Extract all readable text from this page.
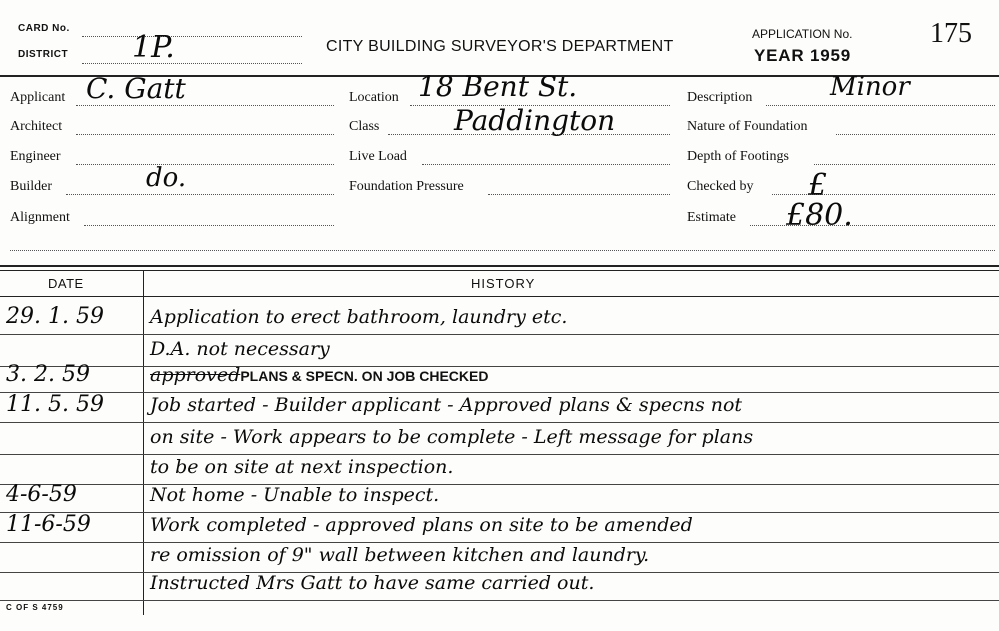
CARD No.
DISTRICT 1P.	CITY BUILDING SURVEYOR'S DEPARTMENT
APPLICATION No.	175
YEAR 1959
Applicant C. Gatt
Architect
Engineer
Builder	do.
Alignment
Location 18 Bent St.
Class	Paddington
Live Load
Foundation Pressure
Description	Minor
Nature of Foundation
Depth of Footings
Checked by £
Estimate £80.
DATE	HISTORY
29. 1. 59 Application to erect bathroom, laundry etc.
D.A. not necessary
3. 2. 59	approvedPLANS & SPECN. ON JOB CHECKED
11. 5. 59 Job started - Builder applicant - Approved plans & specns not
on site - Work appears to be complete - Left message for plans
to be on site at next inspection.
4-6-59	Not home - Unable to inspect.
11-6-59	Work completed - approved plans on site to be amended
re omission of 9" wall between kitchen and laundry.
Instructed Mrs Gatt to have same carried out.
C OF S 4759
